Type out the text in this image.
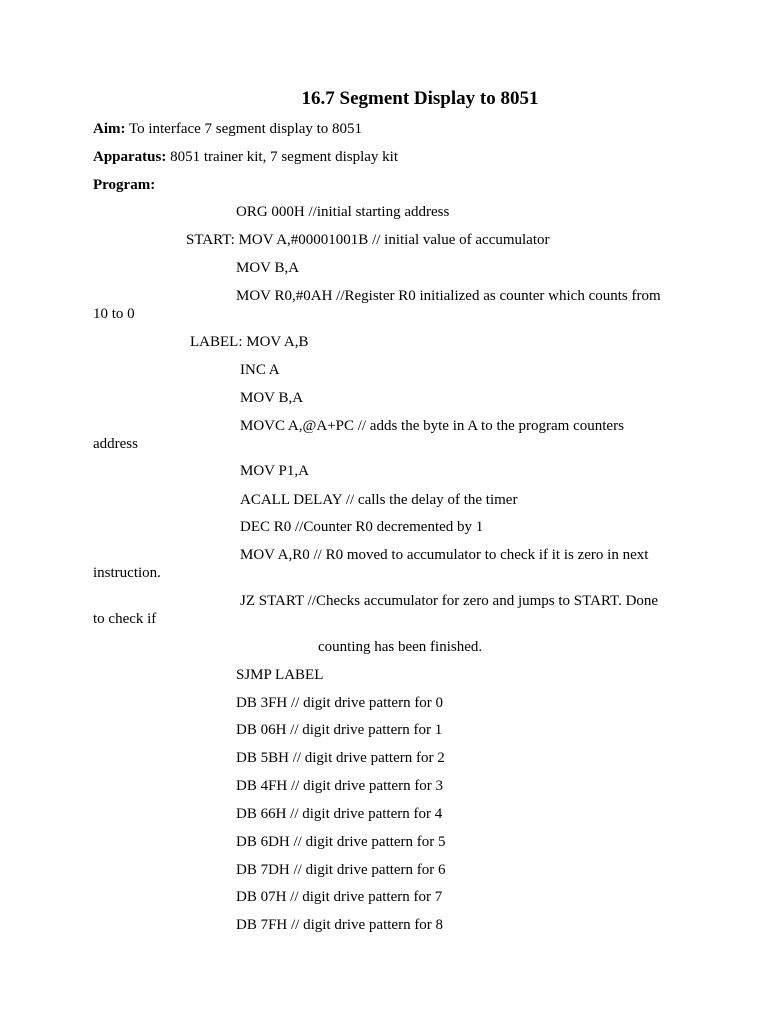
16.7 Segment Display to 8051
Aim: To interface 7 segment display to 8051
Apparatus: 8051 trainer kit, 7 segment display kit
Program:
ORG 000H //initial starting address
START: MOV A,#00001001B // initial value of accumulator
MOV B,A
MOV R0,#0AH //Register R0 initialized as counter which counts from
10 to 0
LABEL: MOV A,B
INC A
MOV B,A
MOVC A,@A+PC // adds the byte in A to the program counters
address
MOV P1,A
ACALL DELAY // calls the delay of the timer
DEC R0 //Counter R0 decremented by 1
MOV A,R0 // R0 moved to accumulator to check if it is zero in next
instruction.
JZ START //Checks accumulator for zero and jumps to START. Done
to check if
counting has been finished.
SJMP LABEL
DB 3FH // digit drive pattern for 0
DB 06H // digit drive pattern for 1
DB 5BH // digit drive pattern for 2
DB 4FH // digit drive pattern for 3
DB 66H // digit drive pattern for 4
DB 6DH // digit drive pattern for 5
DB 7DH // digit drive pattern for 6
DB 07H // digit drive pattern for 7
DB 7FH // digit drive pattern for 8
